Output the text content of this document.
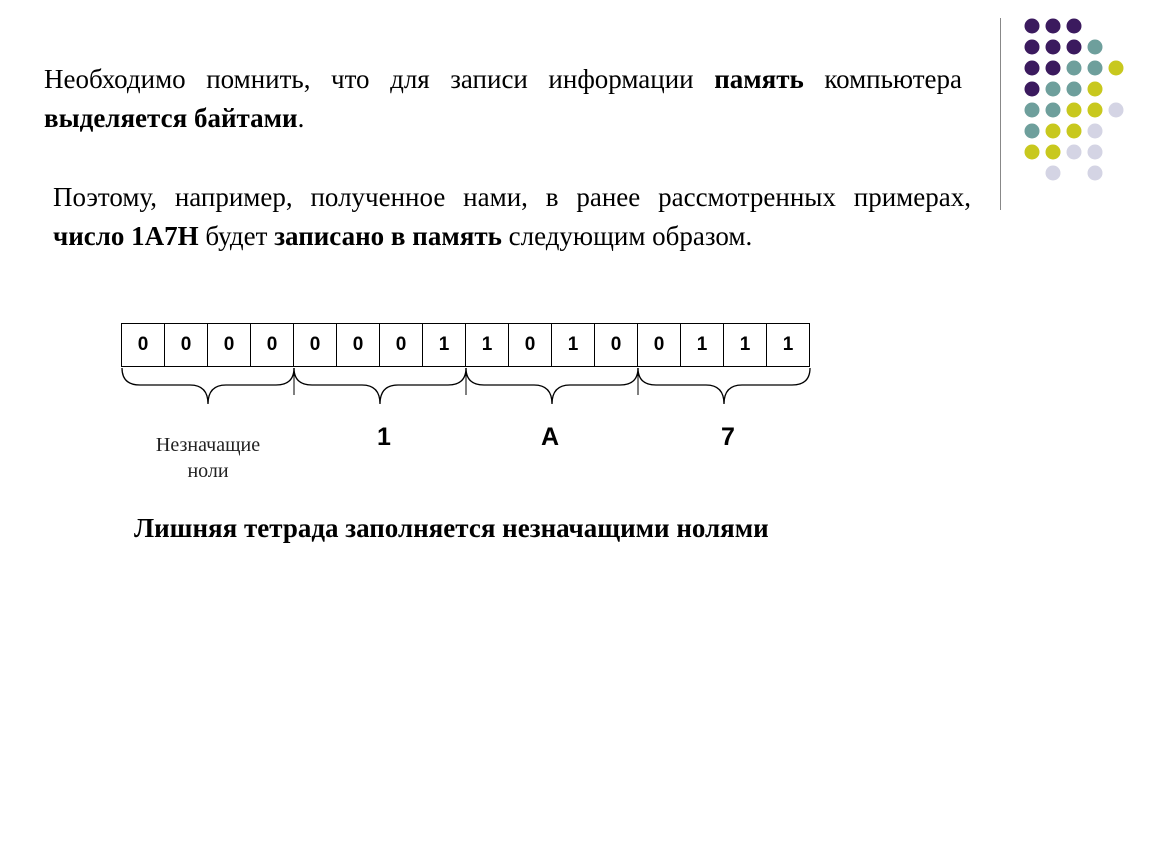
Необходимо помнить, что для записи информации память компьютера выделяется байтами.
Поэтому, например, полученное нами, в ранее рассмотренных примерах, число 1А7Н будет записано в память следующим образом.
0	0	0	0	0	0	0	1	1	0	1	0	0	1	1	1
Незначащие
ноли
1	A	7
Лишняя тетрада заполняется незначащими нолями
